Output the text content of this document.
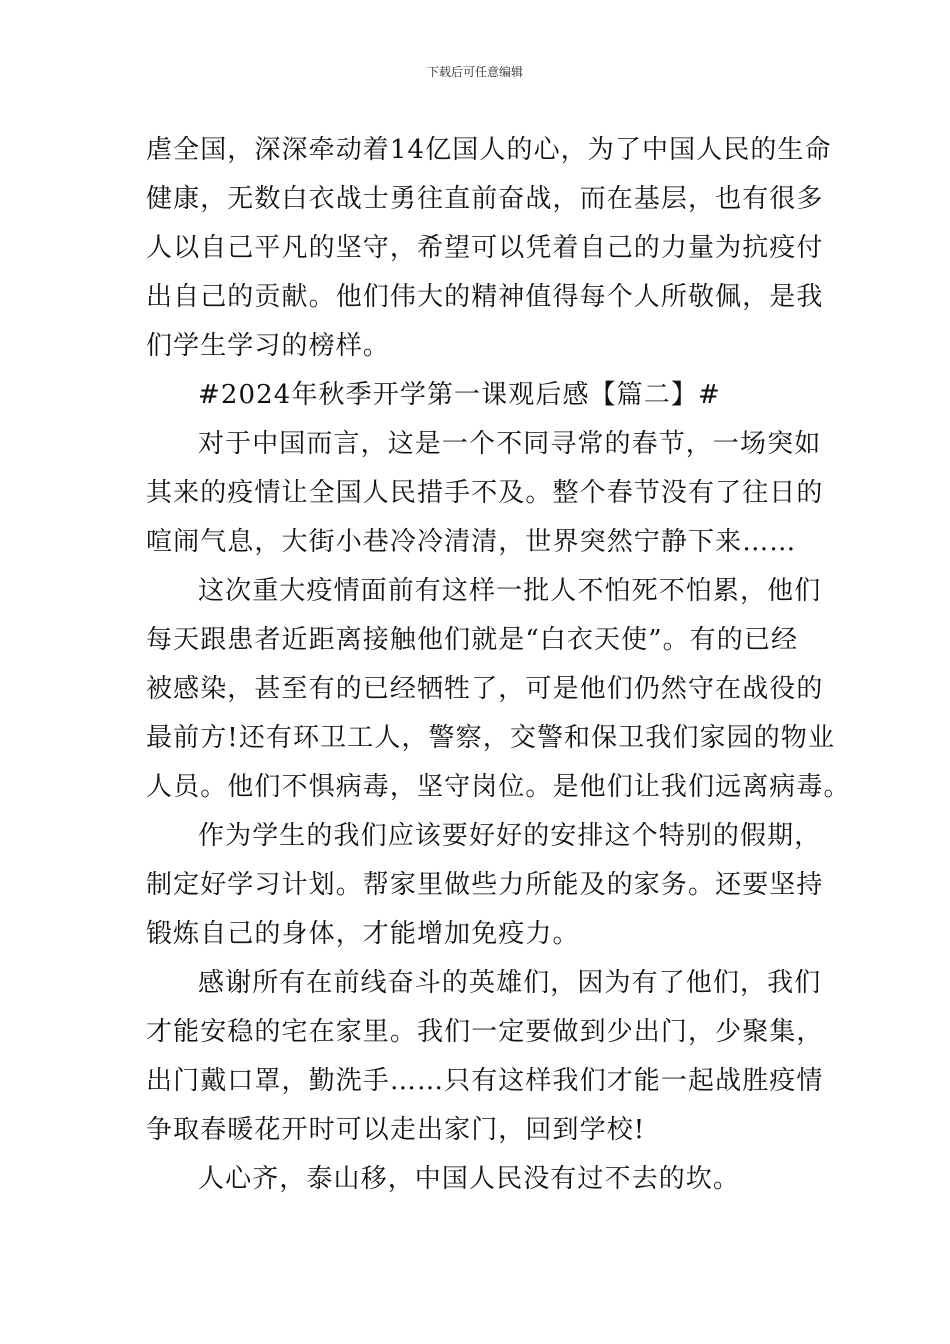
下载后可任意编辑
虐全国，深深牵动着14亿国人的心，为了中国人民的生命
健康，无数白衣战士勇往直前奋战，而在基层，也有很多
人以自己平凡的坚守，希望可以凭着自己的力量为抗疫付
出自己的贡献。他们伟大的精神值得每个人所敬佩，是我
们学生学习的榜样。
#2024年秋季开学第一课观后感【篇二】#
对于中国而言，这是一个不同寻常的春节，一场突如
其来的疫情让全国人民措手不及。整个春节没有了往日的
喧闹气息，大街小巷冷冷清清，世界突然宁静下来……
这次重大疫情面前有这样一批人不怕死不怕累，他们
每天跟患者近距离接触他们就是“白衣天使”。有的已经
被感染，甚至有的已经牺牲了，可是他们仍然守在战役的
最前方!还有环卫工人，警察，交警和保卫我们家园的物业
人员。他们不惧病毒，坚守岗位。是他们让我们远离病毒。
作为学生的我们应该要好好的安排这个特别的假期，
制定好学习计划。帮家里做些力所能及的家务。还要坚持
锻炼自己的身体，才能增加免疫力。
感谢所有在前线奋斗的英雄们，因为有了他们，我们
才能安稳的宅在家里。我们一定要做到少出门，少聚集，
出门戴口罩，勤洗手……只有这样我们才能一起战胜疫情
争取春暖花开时可以走出家门，回到学校!
人心齐，泰山移，中国人民没有过不去的坎。
